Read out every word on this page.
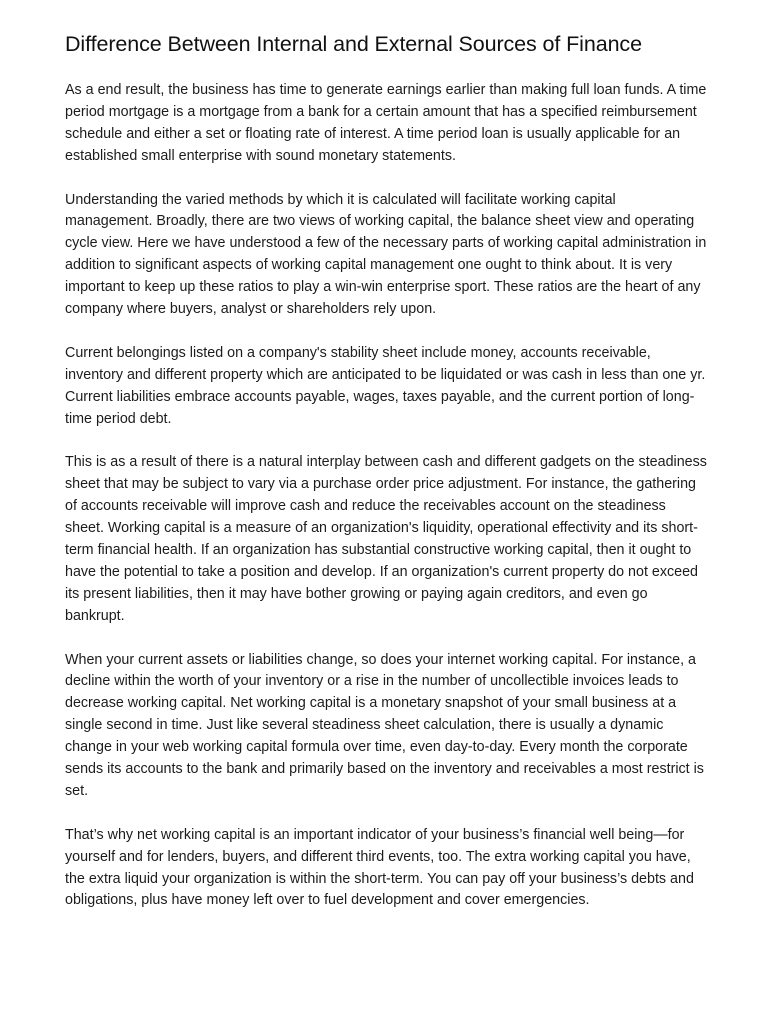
Difference Between Internal and External Sources of Finance

As a end result, the business has time to generate earnings earlier than making full loan funds. A time period mortgage is a mortgage from a bank for a certain amount that has a specified reimbursement schedule and either a set or floating rate of interest. A time period loan is usually applicable for an established small enterprise with sound monetary statements.

Understanding the varied methods by which it is calculated will facilitate working capital management. Broadly, there are two views of working capital, the balance sheet view and operating cycle view. Here we have understood a few of the necessary parts of working capital administration in addition to significant aspects of working capital management one ought to think about. It is very important to keep up these ratios to play a win-win enterprise sport. These ratios are the heart of any company where buyers, analyst or shareholders rely upon.

Current belongings listed on a company's stability sheet include money, accounts receivable, inventory and different property which are anticipated to be liquidated or was cash in less than one yr. Current liabilities embrace accounts payable, wages, taxes payable, and the current portion of long-time period debt.

This is as a result of there is a natural interplay between cash and different gadgets on the steadiness sheet that may be subject to vary via a purchase order price adjustment. For instance, the gathering of accounts receivable will improve cash and reduce the receivables account on the steadiness sheet. Working capital is a measure of an organization's liquidity, operational effectivity and its short-term financial health. If an organization has substantial constructive working capital, then it ought to have the potential to take a position and develop. If an organization's current property do not exceed its present liabilities, then it may have bother growing or paying again creditors, and even go bankrupt.

When your current assets or liabilities change, so does your internet working capital. For instance, a decline within the worth of your inventory or a rise in the number of uncollectible invoices leads to decrease working capital. Net working capital is a monetary snapshot of your small business at a single second in time. Just like several steadiness sheet calculation, there is usually a dynamic change in your web working capital formula over time, even day-to-day. Every month the corporate sends its accounts to the bank and primarily based on the inventory and receivables a most restrict is set.

That’s why net working capital is an important indicator of your business’s financial well being—for yourself and for lenders, buyers, and different third events, too. The extra working capital you have, the extra liquid your organization is within the short-term. You can pay off your business’s debts and obligations, plus have money left over to fuel development and cover emergencies.
